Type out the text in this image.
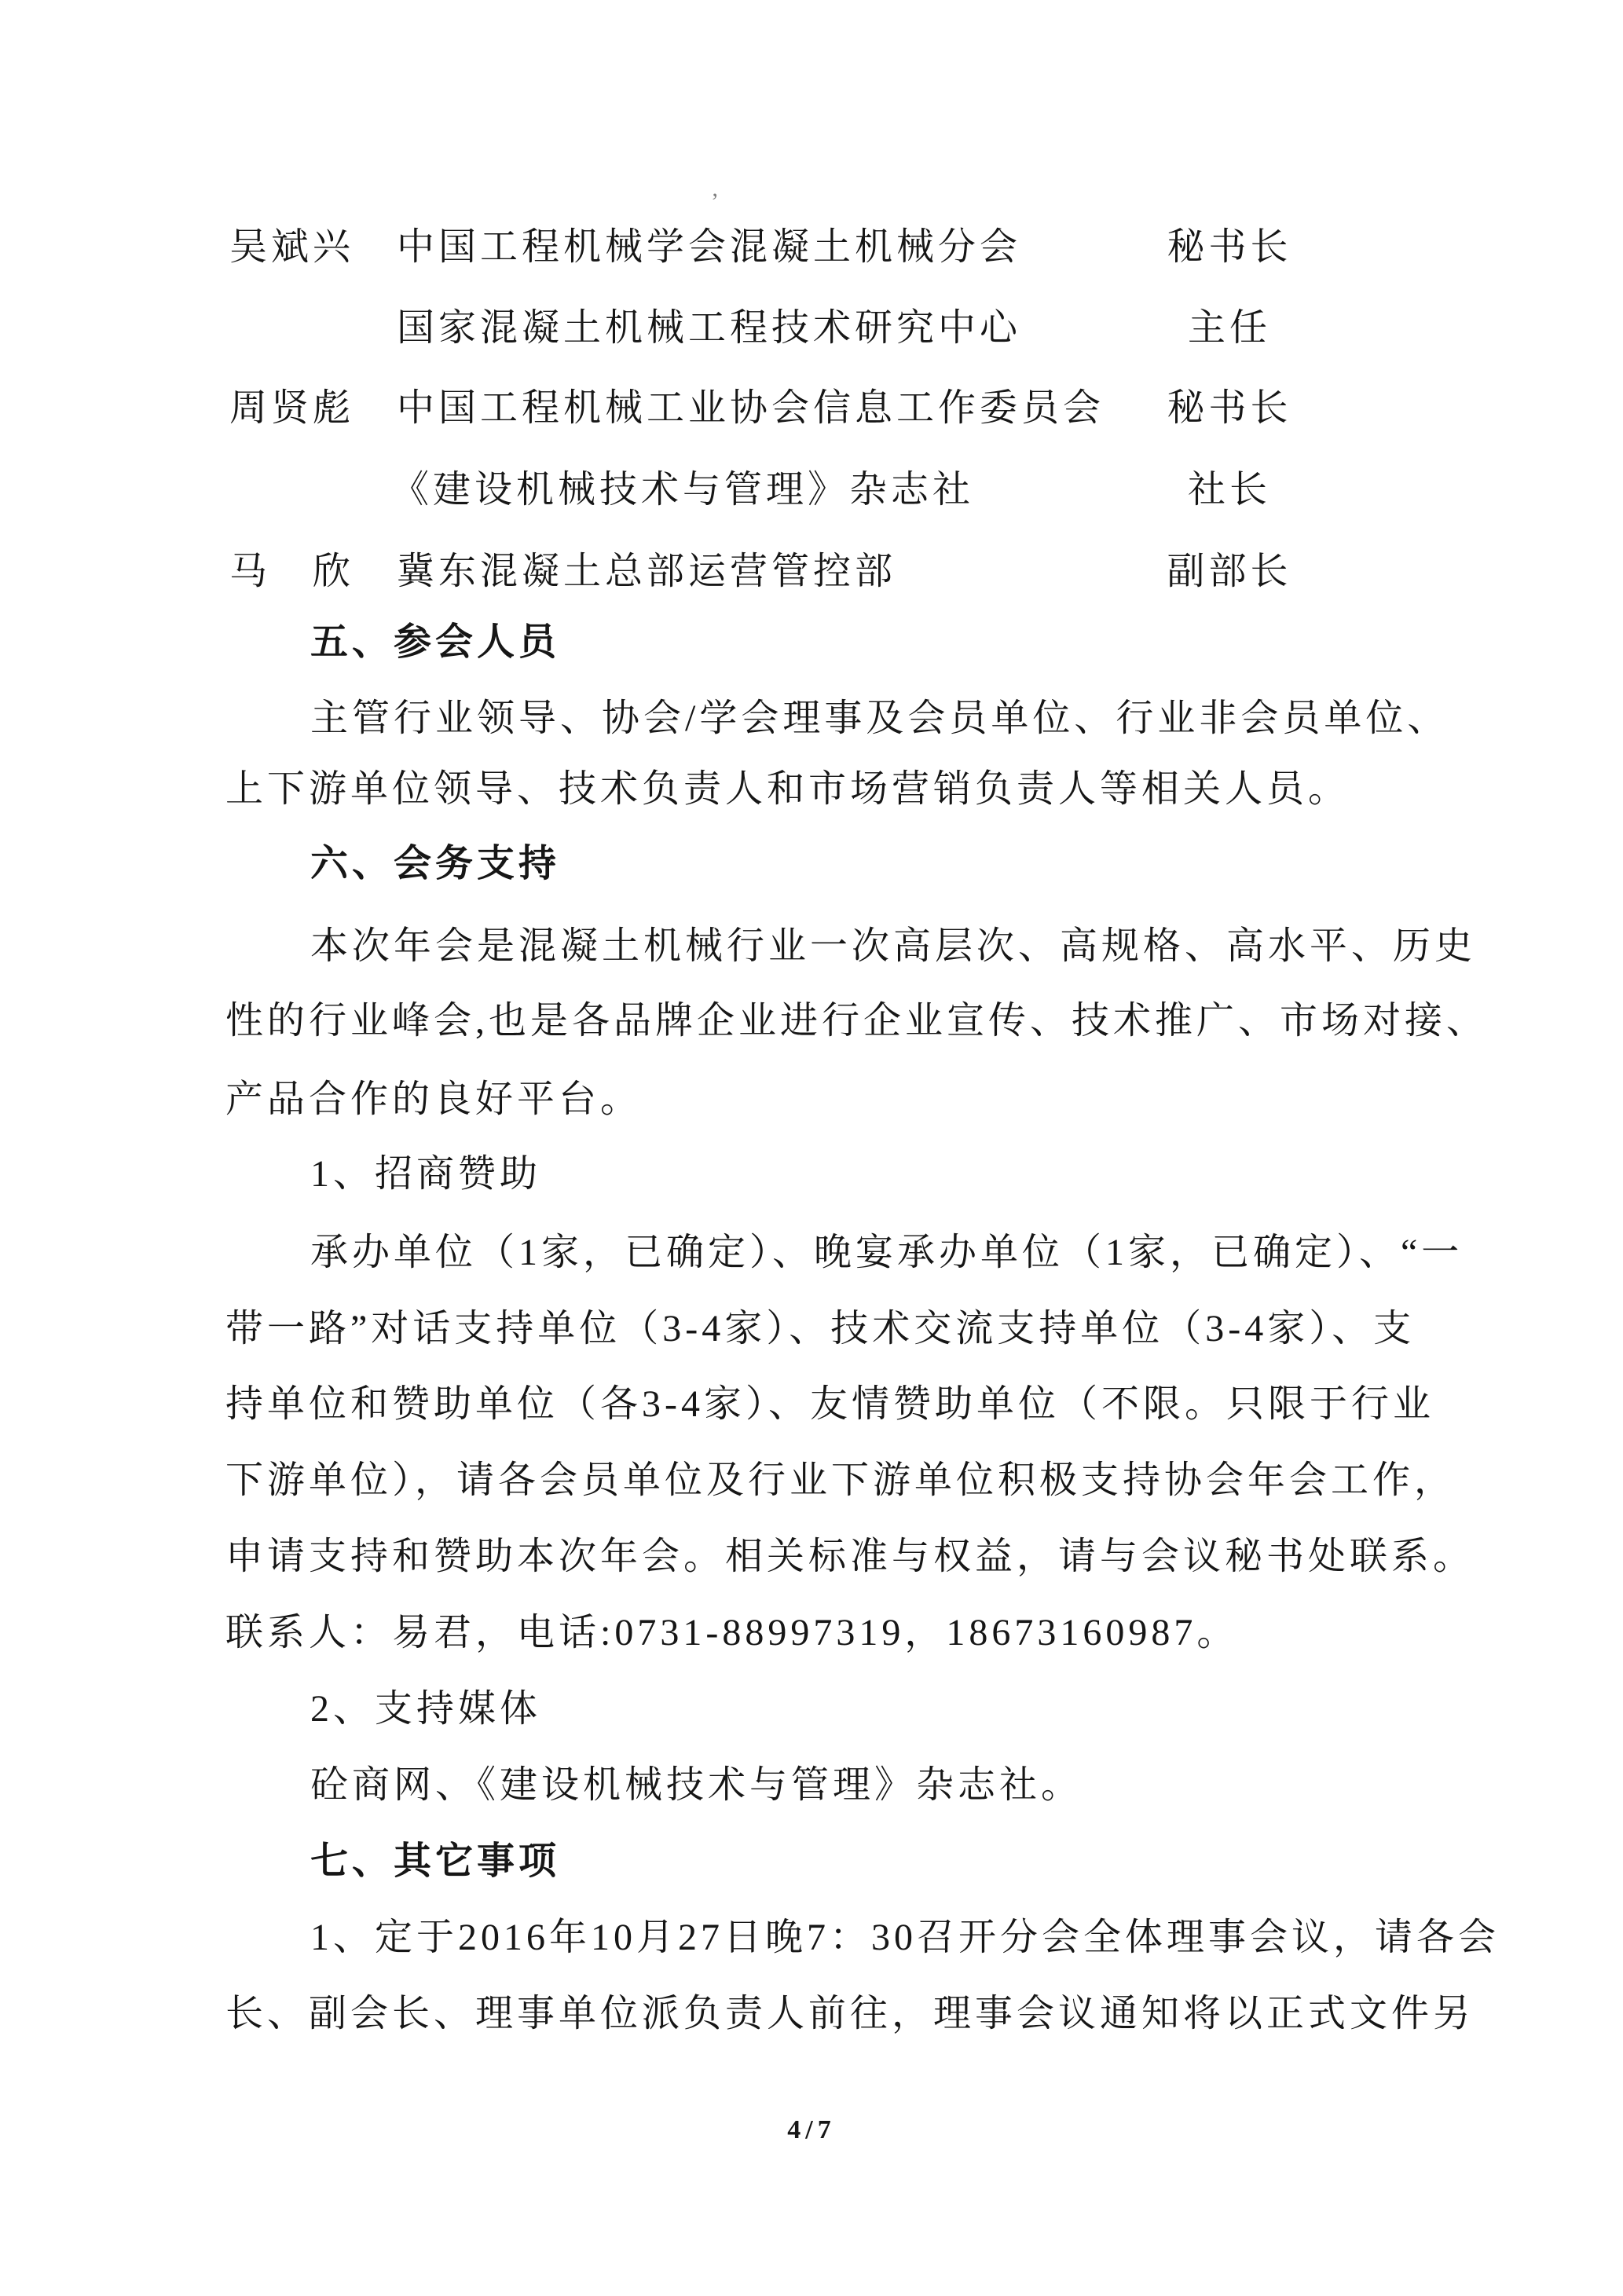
’
吴斌兴 中国工程机械学会混凝土机械分会	秘书长
国家混凝土机械工程技术研究中心	主任
周贤彪 中国工程机械工业协会信息工作委员会	秘书长
《建设机械技术与管理》杂志社	社长
马　欣 冀东混凝土总部运营管控部	副部长
五、参会人员
主管行业领导、协会/学会理事及会员单位、行业非会员单位、
上下游单位领导、技术负责人和市场营销负责人等相关人员。
六、会务支持
本次年会是混凝土机械行业一次高层次、高规格、高水平、历史
性的行业峰会,也是各品牌企业进行企业宣传、技术推广、市场对接、
产品合作的良好平台。
1、招商赞助
承办单位（1家，已确定）、晚宴承办单位（1家，已确定）、“一
带一路”对话支持单位（3-4家）、技术交流支持单位（3-4家）、支
持单位和赞助单位（各3-4家）、友情赞助单位（不限。只限于行业
下游单位），请各会员单位及行业下游单位积极支持协会年会工作，
申请支持和赞助本次年会。相关标准与权益，请与会议秘书处联系。
联系人：易君，电话:0731-88997319，18673160987。
2、支持媒体
砼商网、《建设机械技术与管理》杂志社。
七、其它事项
1、定于2016年10月27日晚7：30召开分会全体理事会议，请各会
长、副会长、理事单位派负责人前往，理事会议通知将以正式文件另
4/7
